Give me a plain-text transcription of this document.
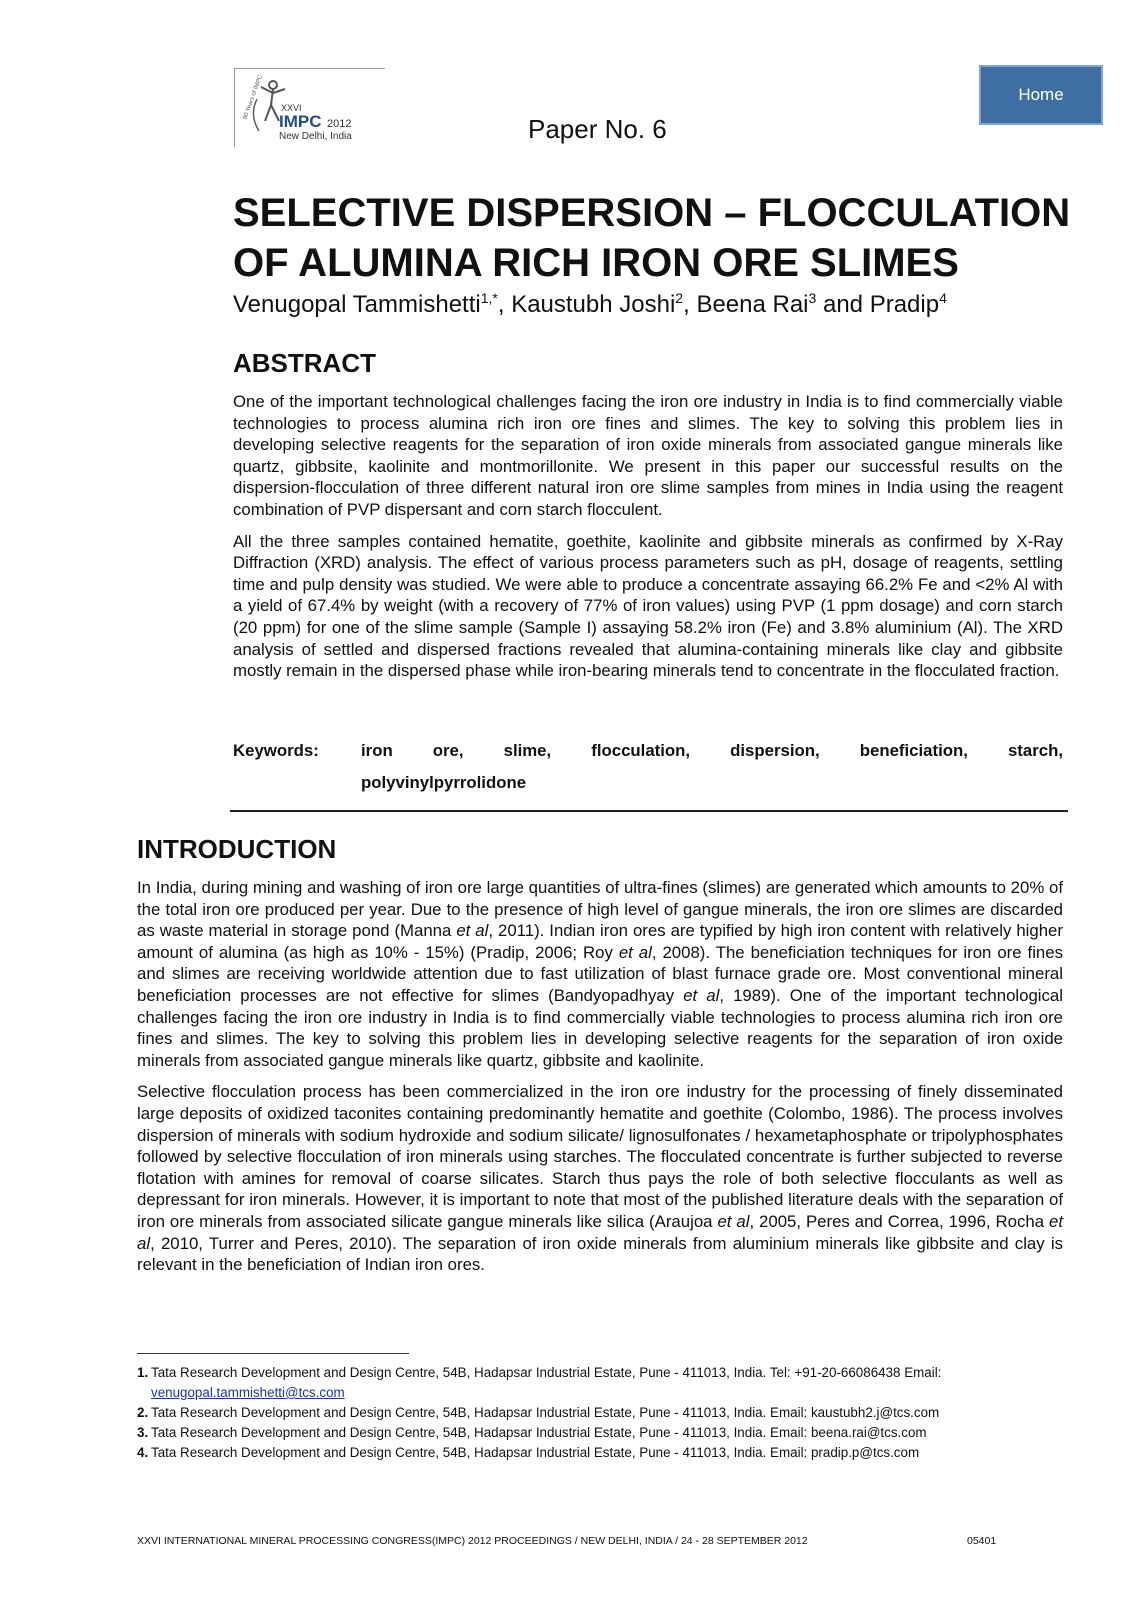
80 Years of IMPC XXVI
IMPC 2012
New Delhi, India	Paper No. 6
Home
SELECTIVE DISPERSION – FLOCCULATION OF ALUMINA RICH IRON ORE SLIMES
Venugopal Tammishetti$^{1,*}$, Kaustubh Joshi$^2$, Beena Rai$^3$ and Pradip$^4$
ABSTRACT

One of the important technological challenges facing the iron ore industry in India is to find commercially viable technologies to process alumina rich iron ore fines and slimes. The key to solving this problem lies in developing selective reagents for the separation of iron oxide minerals from associated gangue minerals like quartz, gibbsite, kaolinite and montmorillonite. We present in this paper our successful results on the dispersion-flocculation of three different natural iron ore slime samples from mines in India using the reagent combination of PVP dispersant and corn starch flocculent.

All the three samples contained hematite, goethite, kaolinite and gibbsite minerals as confirmed by X-Ray Diffraction (XRD) analysis. The effect of various process parameters such as pH, dosage of reagents, settling time and pulp density was studied. We were able to produce a concentrate assaying 66.2% Fe and <2% Al with a yield of 67.4% by weight (with a recovery of 77% of iron values) using PVP (1 ppm dosage) and corn starch (20 ppm) for one of the slime sample (Sample I) assaying 58.2% iron (Fe) and 3.8% aluminium (Al). The XRD analysis of settled and dispersed fractions revealed that alumina-containing minerals like clay and gibbsite mostly remain in the dispersed phase while iron-bearing minerals tend to concentrate in the flocculated fraction.

Keywords:	iron ore, slime, flocculation, dispersion, beneficiation, starch,
polyvinylpyrrolidone
INTRODUCTION

In India, during mining and washing of iron ore large quantities of ultra-fines (slimes) are generated which amounts to 20% of the total iron ore produced per year. Due to the presence of high level of gangue minerals, the iron ore slimes are discarded as waste material in storage pond (Manna et al, 2011). Indian iron ores are typified by high iron content with relatively higher amount of alumina (as high as 10% - 15%) (Pradip, 2006; Roy et al, 2008). The beneficiation techniques for iron ore fines and slimes are receiving worldwide attention due to fast utilization of blast furnace grade ore. Most conventional mineral beneficiation processes are not effective for slimes (Bandyopadhyay et al, 1989). One of the important technological challenges facing the iron ore industry in India is to find commercially viable technologies to process alumina rich iron ore fines and slimes. The key to solving this problem lies in developing selective reagents for the separation of iron oxide minerals from associated gangue minerals like quartz, gibbsite and kaolinite.

Selective flocculation process has been commercialized in the iron ore industry for the processing of finely disseminated large deposits of oxidized taconites containing predominantly hematite and goethite (Colombo, 1986). The process involves dispersion of minerals with sodium hydroxide and sodium silicate/ lignosulfonates / hexametaphosphate or tripolyphosphates followed by selective flocculation of iron minerals using starches. The flocculated concentrate is further subjected to reverse flotation with amines for removal of coarse silicates. Starch thus pays the role of both selective flocculants as well as depressant for iron minerals. However, it is important to note that most of the published literature deals with the separation of iron ore minerals from associated silicate gangue minerals like silica (Araujoa et al, 2005, Peres and Correa, 1996, Rocha et al, 2010, Turrer and Peres, 2010). The separation of iron oxide minerals from aluminium minerals like gibbsite and clay is relevant in the beneficiation of Indian iron ores.

1. Tata Research Development and Design Centre, 54B, Hadapsar Industrial Estate, Pune - 411013, India. Tel: +91-20-66086438 Email: venugopal.tammishetti@tcs.com
2. Tata Research Development and Design Centre, 54B, Hadapsar Industrial Estate, Pune - 411013, India. Email: kaustubh2.j@tcs.com
3. Tata Research Development and Design Centre, 54B, Hadapsar Industrial Estate, Pune - 411013, India. Email: beena.rai@tcs.com
4. Tata Research Development and Design Centre, 54B, Hadapsar Industrial Estate, Pune - 411013, India. Email: pradip.p@tcs.com
XXVI INTERNATIONAL MINERAL PROCESSING CONGRESS(IMPC) 2012 PROCEEDINGS / NEW DELHI, INDIA / 24 - 28 SEPTEMBER 2012	05401
